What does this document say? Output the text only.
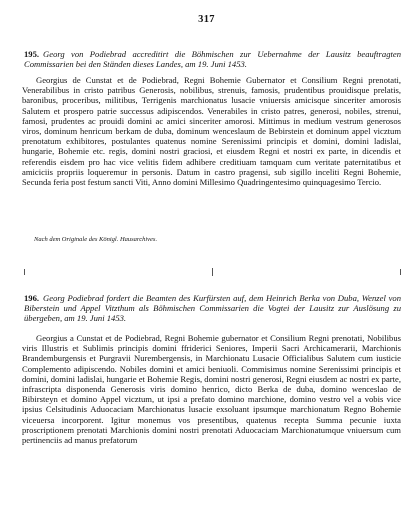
317
195. Georg von Podiebrad accreditirt die Böhmischen zur Uebernahme der Lausitz beauftragten Commissarien bei den Ständen dieses Landes, am 19. Juni 1453.
Georgius de Cunstat et de Podiebrad, Regni Bohemie Gubernator et Consilium Regni prenotati, Venerabilibus in cristo patribus Generosis, nobilibus, strenuis, famosis, prudentibus prouidisque prelatis, baronibus, proceribus, militibus, Terrigenis marchionatus lusacie vniuersis amicisque sinceriter amorosis Salutem et prospero patrie successus adipiscendos. Venerabiles in cristo patres, generosi, nobiles, strenui, famosi, prudentes ac prouidi domini ac amici sinceriter amorosi. Mittimus in medium vestrum generosos viros, dominum henricum berkam de duba, dominum wenceslaum de Bebirstein et dominum appel vicztum prenotatum exhibitores, postulantes quatenus nomine Serenissimi principis et domini, domini ladislai, hungarie, Bohemie etc. regis, domini nostri graciosi, et eiusdem Regni et nostri ex parte, in dicendis et referendis eisdem pro hac vice velitis fidem adhibere creditiuam tamquam cum veritate paternitatibus et amiciciis propriis loqueremur in personis. Datum in castro pragensi, sub sigillo inceliti Regni Bohemie, Secunda feria post festum sancti Viti, Anno domini Millesimo Quadringentesimo quinquagesimo Tercio.
Nach dem Originale des Königl. Hausarchives.
196. Georg Podiebrad fordert die Beamten des Kurfürsten auf, dem Heinrich Berka von Duba, Wenzel von Biberstein und Appel Vitzthum als Böhmischen Commissarien die Vogtei der Lausitz zur Auslösung zu übergeben, am 19. Juni 1453.
Georgius a Cunstat et de Podiebrad, Regni Bohemie gubernator et Consilium Regni prenotati, Nobilibus viris Illustris et Sublimis principis domini ffriderici Seniores, Imperii Sacri Archicamerarii, Marchionis Brandemburgensis et Purgravii Nurembergensis, in Marchionatu Lusacie Officialibus Salutem cum iusticie Complemento adipiscendo. Nobiles domini et amici beniuoli. Commisimus nomine Serenissimi principis et domini, domini ladislai, hungarie et Bohemie Regis, domini nostri generosi, Regni eiusdem ac nostri ex parte, infrascripta disponenda Generosis viris domino henrico, dicto Berka de duba, domino wenceslao de Bibirsteyn et domino Appel vicztum, ut ipsi a prefato domino marchione, domino vestro vel a vobis vice ipsius Celsitudinis Aduocaciam Marchionatus lusacie exsoluant ipsumque marchionatum Regno Bohemie viceuersa incorporent. Igitur monemus vos presentibus, quatenus recepta Summa pecunie iuxta proscriptionem prenotati Marchionis domini nostri prenotati Aduocaciam Marchionatumque vniuersum cum pertinenciis ad manus prefatorum
